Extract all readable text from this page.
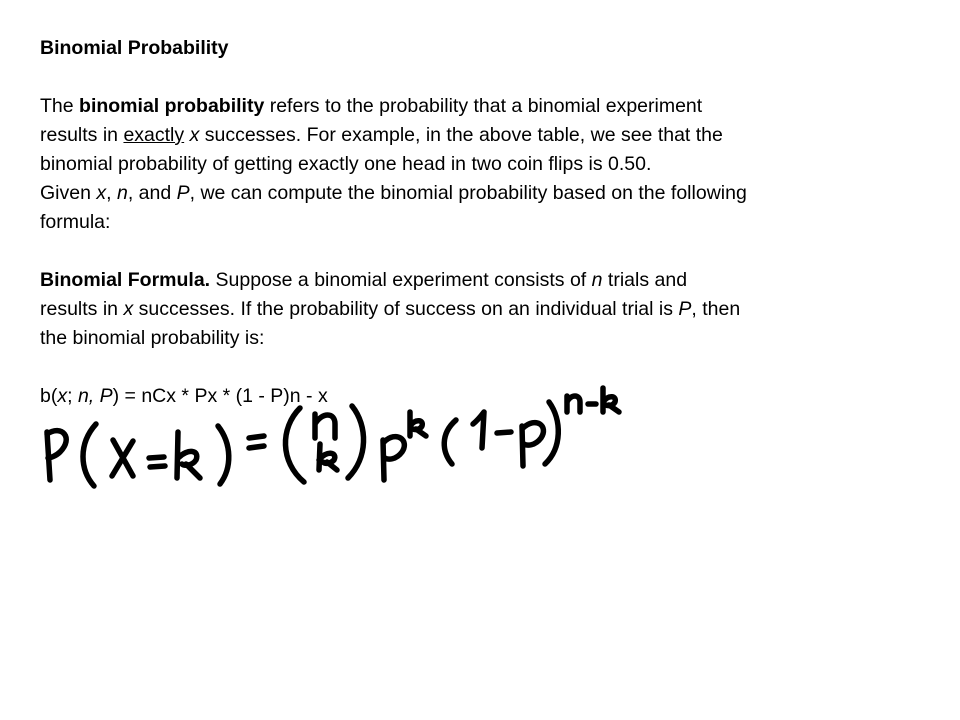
Binomial Probability
The binomial probability refers to the probability that a binomial experiment
results in exactly x successes. For example, in the above table, we see that the
binomial probability of getting exactly one head in two coin flips is 0.50.
Given x, n, and P, we can compute the binomial probability based on the following
formula:
Binomial Formula. Suppose a binomial experiment consists of n trials and
results in x successes. If the probability of success on an individual trial is P, then
the binomial probability is:
b(x; n, P) = nCx * Px * (1 - P)n - x
